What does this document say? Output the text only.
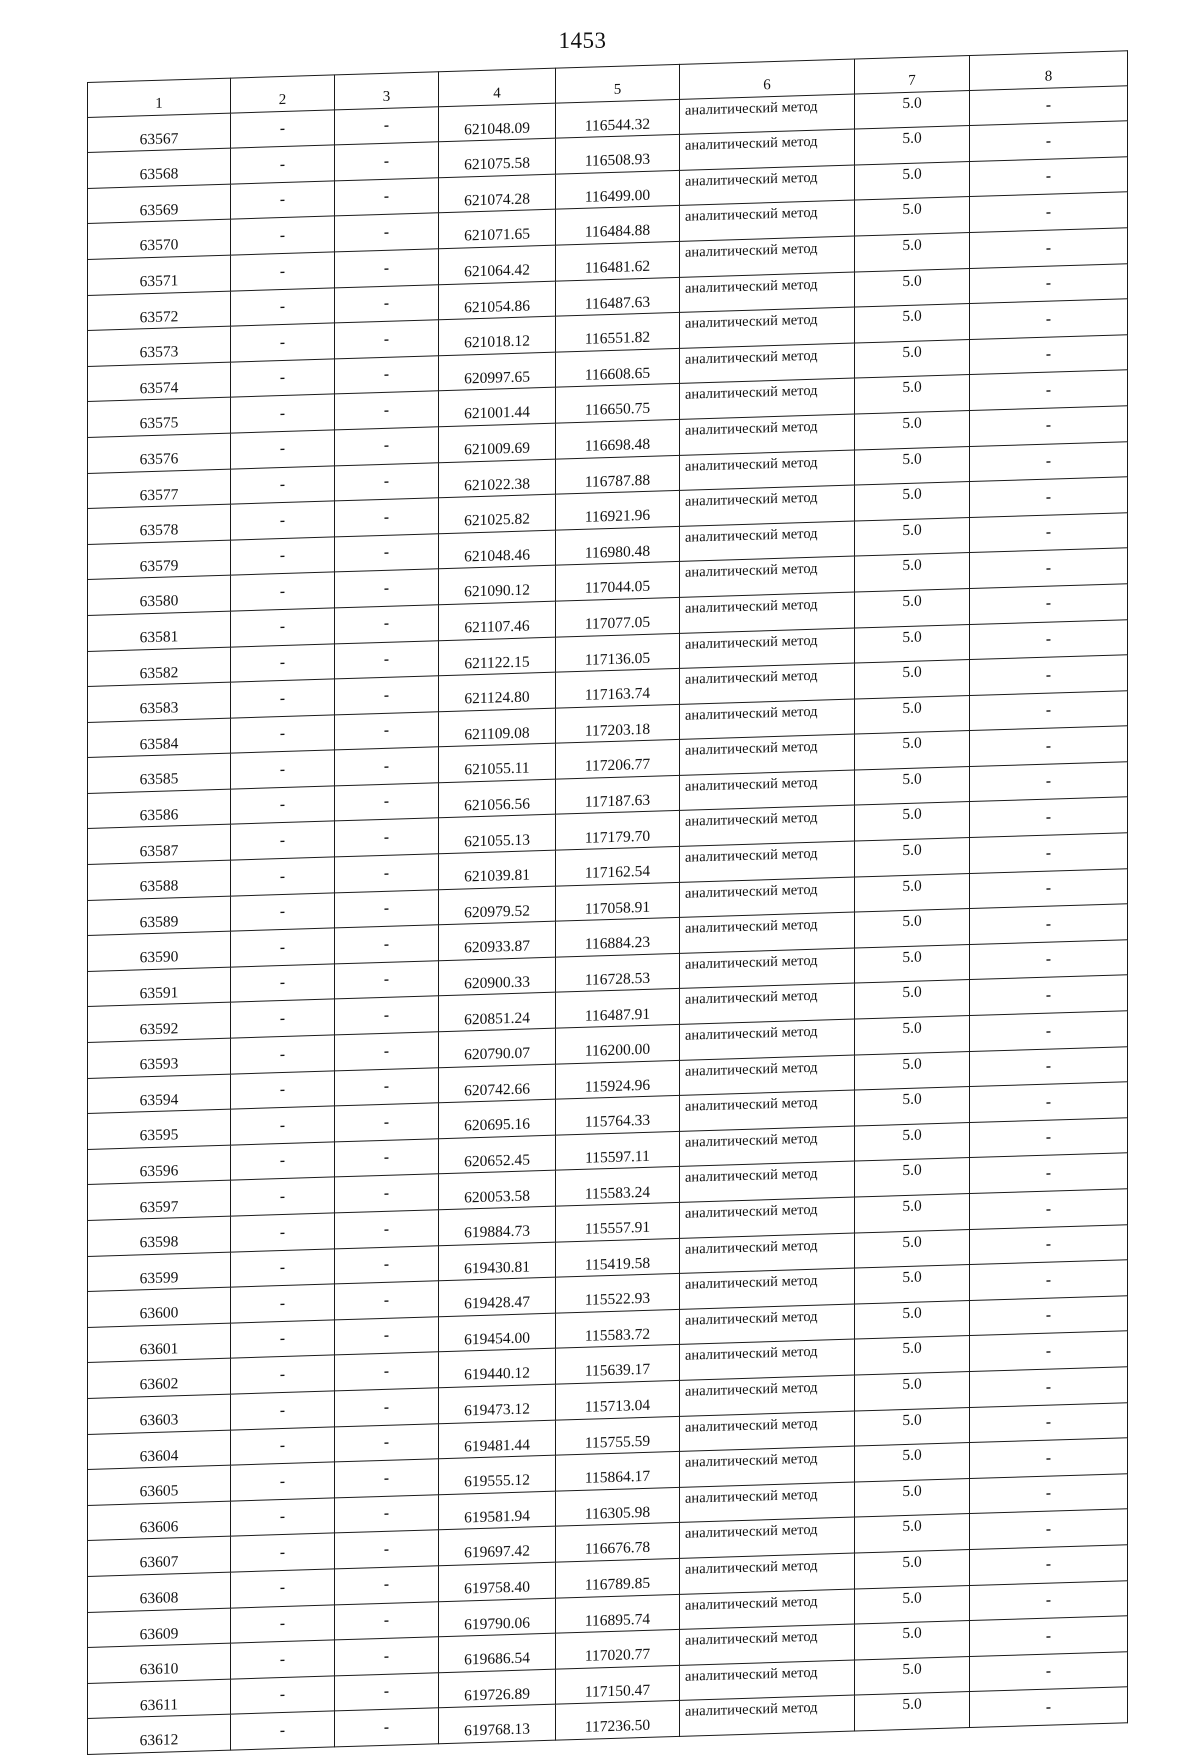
1453
1	2	3	4	5	6	7	8
63567	-	-	621048.09	116544.32	аналитический метод	5.0	-
63568	-	-	621075.58	116508.93	аналитический метод	5.0	-
63569	-	-	621074.28	116499.00	аналитический метод	5.0	-
63570	-	-	621071.65	116484.88	аналитический метод	5.0	-
63571	-	-	621064.42	116481.62	аналитический метод	5.0	-
63572	-	-	621054.86	116487.63	аналитический метод	5.0	-
63573	-	-	621018.12	116551.82	аналитический метод	5.0	-
63574	-	-	620997.65	116608.65	аналитический метод	5.0	-
63575	-	-	621001.44	116650.75	аналитический метод	5.0	-
63576	-	-	621009.69	116698.48	аналитический метод	5.0	-
63577	-	-	621022.38	116787.88	аналитический метод	5.0	-
63578	-	-	621025.82	116921.96	аналитический метод	5.0	-
63579	-	-	621048.46	116980.48	аналитический метод	5.0	-
63580	-	-	621090.12	117044.05	аналитический метод	5.0	-
63581	-	-	621107.46	117077.05	аналитический метод	5.0	-
63582	-	-	621122.15	117136.05	аналитический метод	5.0	-
63583	-	-	621124.80	117163.74	аналитический метод	5.0	-
63584	-	-	621109.08	117203.18	аналитический метод	5.0	-
63585	-	-	621055.11	117206.77	аналитический метод	5.0	-
63586	-	-	621056.56	117187.63	аналитический метод	5.0	-
63587	-	-	621055.13	117179.70	аналитический метод	5.0	-
63588	-	-	621039.81	117162.54	аналитический метод	5.0	-
63589	-	-	620979.52	117058.91	аналитический метод	5.0	-
63590	-	-	620933.87	116884.23	аналитический метод	5.0	-
63591	-	-	620900.33	116728.53	аналитический метод	5.0	-
63592	-	-	620851.24	116487.91	аналитический метод	5.0	-
63593	-	-	620790.07	116200.00	аналитический метод	5.0	-
63594	-	-	620742.66	115924.96	аналитический метод	5.0	-
63595	-	-	620695.16	115764.33	аналитический метод	5.0	-
63596	-	-	620652.45	115597.11	аналитический метод	5.0	-
63597	-	-	620053.58	115583.24	аналитический метод	5.0	-
63598	-	-	619884.73	115557.91	аналитический метод	5.0	-
63599	-	-	619430.81	115419.58	аналитический метод	5.0	-
63600	-	-	619428.47	115522.93	аналитический метод	5.0	-
63601	-	-	619454.00	115583.72	аналитический метод	5.0	-
63602	-	-	619440.12	115639.17	аналитический метод	5.0	-
63603	-	-	619473.12	115713.04	аналитический метод	5.0	-
63604	-	-	619481.44	115755.59	аналитический метод	5.0	-
63605	-	-	619555.12	115864.17	аналитический метод	5.0	-
63606	-	-	619581.94	116305.98	аналитический метод	5.0	-
63607	-	-	619697.42	116676.78	аналитический метод	5.0	-
63608	-	-	619758.40	116789.85	аналитический метод	5.0	-
63609	-	-	619790.06	116895.74	аналитический метод	5.0	-
63610	-	-	619686.54	117020.77	аналитический метод	5.0	-
63611	-	-	619726.89	117150.47	аналитический метод	5.0	-
63612	-	-	619768.13	117236.50	аналитический метод	5.0	-
